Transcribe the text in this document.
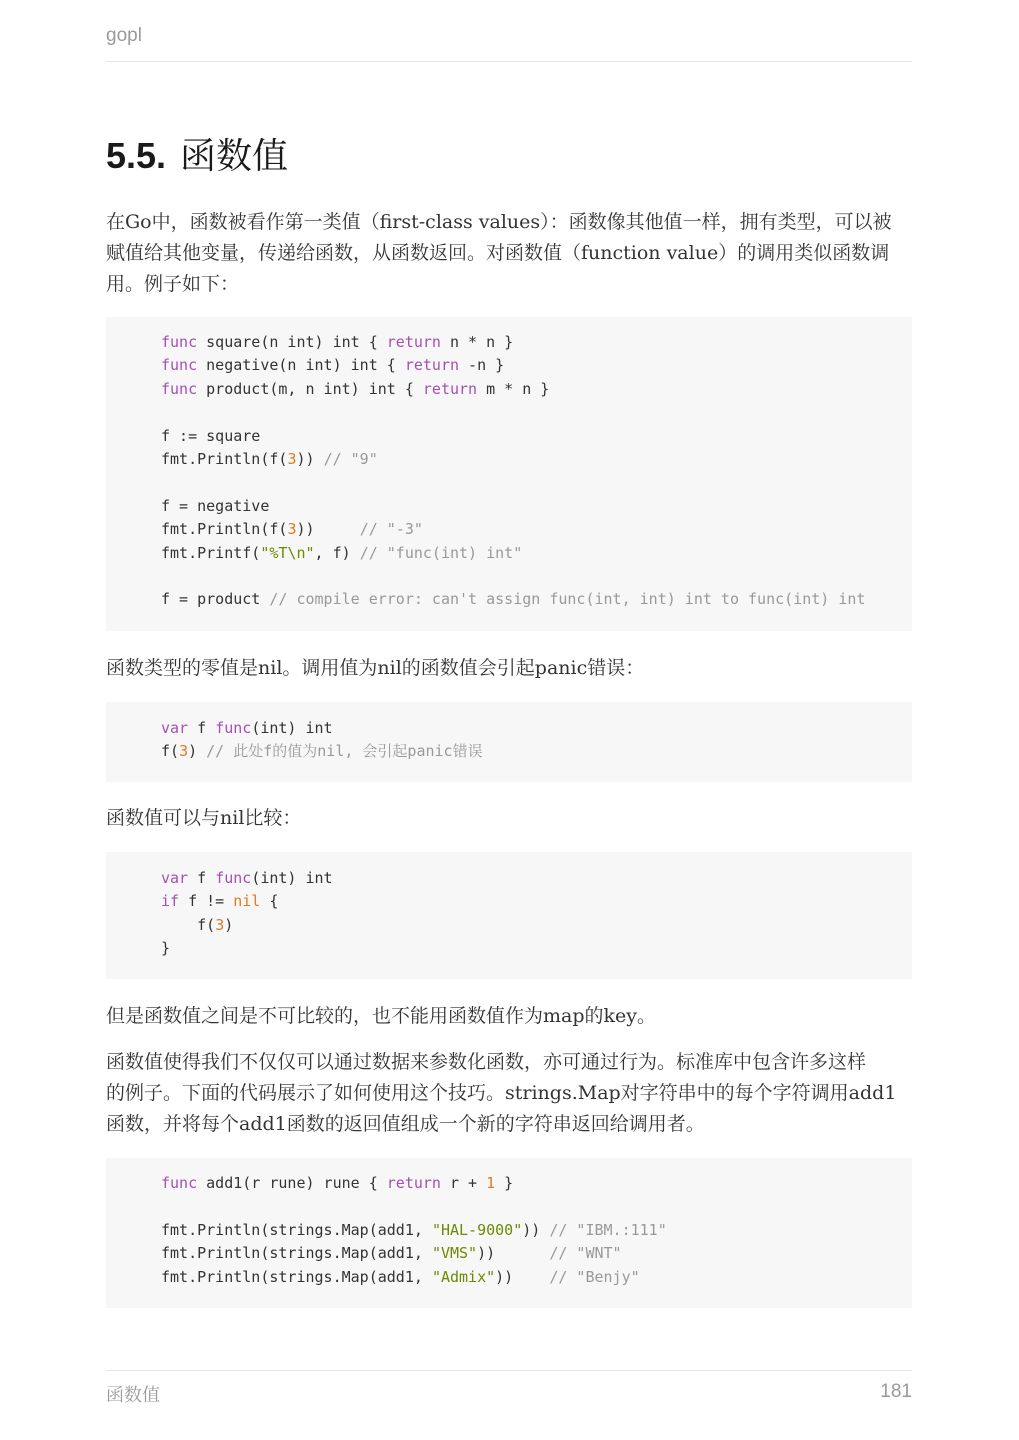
gopl
5.5. 函数值
在Go中，函数被看作第一类值（first-class values）：函数像其他值一样，拥有类型，可以被
赋值给其他变量，传递给函数，从函数返回。对函数值（function value）的调用类似函数调
用。例子如下：
func square(n int) int { return n * n }
func negative(n int) int { return -n }
func product(m, n int) int { return m * n }

f := square
fmt.Println(f(3)) // "9"

f = negative
fmt.Println(f(3))     // "-3"
fmt.Printf("%T\n", f) // "func(int) int"

f = product // compile error: can't assign func(int, int) int to func(int) int
函数类型的零值是nil。调用值为nil的函数值会引起panic错误：
var f func(int) int
f(3) // 此处f的值为nil, 会引起panic错误
函数值可以与nil比较：
var f func(int) int
if f != nil {
f(3)
}
但是函数值之间是不可比较的，也不能用函数值作为map的key。
函数值使得我们不仅仅可以通过数据来参数化函数，亦可通过行为。标准库中包含许多这样
的例子。下面的代码展示了如何使用这个技巧。strings.Map对字符串中的每个字符调用add1
函数，并将每个add1函数的返回值组成一个新的字符串返回给调用者。
func add1(r rune) rune { return r + 1 }

fmt.Println(strings.Map(add1, "HAL-9000")) // "IBM.:111"
fmt.Println(strings.Map(add1, "VMS"))      // "WNT"
fmt.Println(strings.Map(add1, "Admix"))    // "Benjy"
函数值	181
